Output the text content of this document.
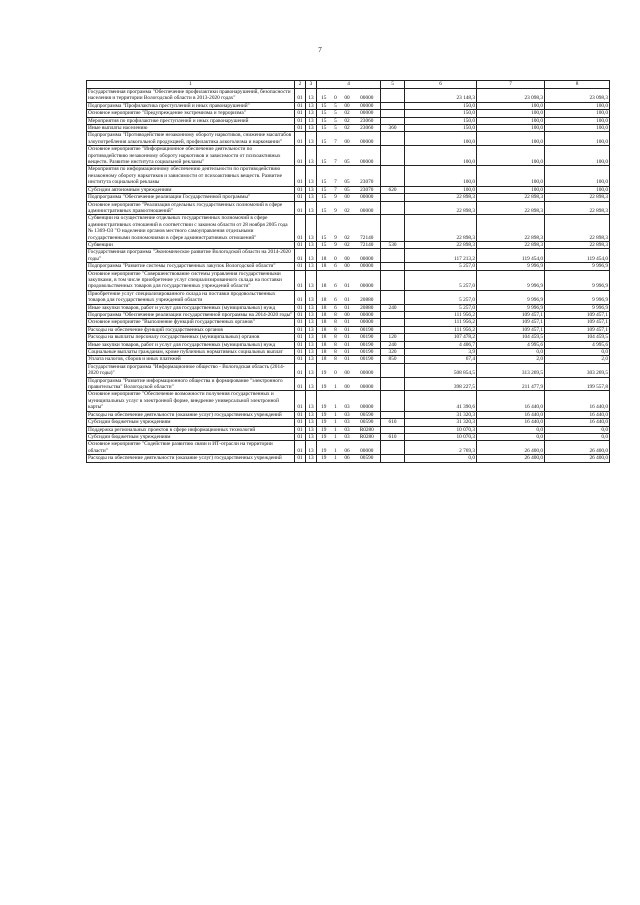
7
1	2	3	4				5	6	7	8
Государственная программа "Обеспечение профилактики правонарушений, безопасности населения и территории Вологодской области в 2013-2020 годах"	01	13	15	0	00	00000		23 148,3	23 098,3	23 098,3
Подпрограмма "Профилактика преступлений и иных правонарушений"	01	13	15	5	00	00000		150,0	100,0	100,0
Основное мероприятие "Предупреждение экстремизма и терроризма"	01	13	15	5	02	00000		150,0	100,0	100,0
Мероприятия по профилактике преступлений и иных правонарушений	01	13	15	5	02	23060		150,0	100,0	100,0
Иные выплаты населению	01	13	15	5	02	23060	360	150,0	100,0	100,0
Подпрограмма "Противодействие незаконному обороту наркотиков, снижение масштабов злоупотребления алкогольной продукцией, профилактика алкоголизма и наркомании"	01	13	15	7	00	00000		100,0	100,0	100,0
Основное мероприятие "Информационное обеспечение деятельности по противодействию незаконному обороту наркотиков и зависимости от психоактивных веществ. Развитие института социальной рекламы"	01	13	15	7	05	00000		100,0	100,0	100,0
Мероприятия по информационному обеспечению деятельности по противодействию незаконному обороту наркотиков и зависимости от психоактивных веществ. Развитие института социальной рекламы	01	13	15	7	05	23070		100,0	100,0	100,0
Субсидии автономным учреждениям	01	13	15	7	05	23070	620	100,0	100,0	100,0
Подпрограмма "Обеспечение реализации Государственной программы"	01	13	15	9	00	00000		22 898,3	22 898,3	22 898,3
Основное мероприятие "Реализация отдельных государственных полномочий в сфере административных правоотношений"	01	13	15	9	02	00000		22 898,3	22 898,3	22 898,3
Субвенции на осуществление отдельных государственных полномочий в сфере административных отношений в соответствии с законом области от 28 ноября 2005 года № 1369-ОЗ "О наделении органов местного самоуправления отдельными государственными полномочиями в сфере административных отношений"	01	13	15	9	02	72140		22 898,3	22 898,3	22 898,3
Субвенции	01	13	15	9	02	72140	530	22 898,3	22 898,3	22 898,3
Государственная программа "Экономическое развитие Вологодской области на 2014-2020 годы"	01	13	18	0	00	00000		117 213,2	119 454,0	119 454,0
Подпрограмма "Развитие системы государственных закупок Вологодской области"	01	13	18	6	00	00000		5 257,0	9 996,9	9 996,9
Основное мероприятие "Совершенствование системы управления государственными закупками, в том числе приобретение услуг специализированного склада на поставки продовольственных товаров для государственных учреждений области"	01	13	18	6	01	00000		5 257,0	9 996,9	9 996,9
Приобретение услуг специализированного склада на поставки продовольственных товаров для государственных учреждений области	01	13	18	6	01	20880		5 257,0	9 996,9	9 996,9
Иные закупки товаров, работ и услуг для государственных (муниципальных) нужд	01	13	18	6	01	20880	240	5 257,0	9 996,9	9 996,9
Подпрограмма "Обеспечение реализации государственной программы на 2014-2020 годы"	01	13	18	8	00	00000		111 956,2	109 457,1	109 457,1
Основное мероприятие "Выполнение функций государственных органов"	01	13	18	8	01	00000		111 956,2	109 457,1	109 457,1
Расходы на обеспечение функций государственных органов	01	13	18	8	01	00190		111 956,2	109 457,1	109 457,1
Расходы на выплаты персоналу государственных (муниципальных) органов	01	13	18	8	01	00190	120	107 478,2	104 459,5	104 459,5
Иные закупки товаров, работ и услуг для государственных (муниципальных) нужд	01	13	18	8	01	00190	240	4 406,7	4 995,6	4 995,6
Социальные выплаты гражданам, кроме публичных нормативных социальных выплат	01	13	18	8	01	00190	320	3,9	0,0	0,0
Уплата налогов, сборов и иных платежей	01	13	18	8	01	00190	850	67,4	2,0	2,0
Государственная программа "Информационное общество - Вологодская область (2014-2020 годы)"	01	13	19	0	00	00000		508 854,5	313 269,5	303 269,5
Подпрограмма "Развитие информационного общества и формирование "электронного правительства" Вологодской области"	01	13	19	1	00	00000		398 227,5	211 477,9	199 557,8
Основное мероприятие "Обеспечение возможности получения государственных и муниципальных услуг в электронной форме, внедрение универсальной электронной карты"	01	13	19	1	03	00000		41 390,6	16 440,0	16 440,0
Расходы на обеспечение деятельности (оказание услуг) государственных учреждений	01	13	19	1	03	00590		31 320,3	16 440,0	16 440,0
Субсидии бюджетным учреждениям	01	13	19	1	03	00590	610	31 320,3	16 440,0	16 440,0
Поддержка региональных проектов в сфере информационных технологий	01	13	19	1	03	R0280		10 070,3	0,0	0,0
Субсидии бюджетным учреждениям	01	13	19	1	03	R0280	610	10 070,3	0,0	0,0
Основное мероприятие "Содействие развитию связи и ИТ-отрасли на территории области"	01	13	19	1	06	00000		2 769,3	26 400,0	26 400,0
Расходы на обеспечение деятельности (оказание услуг) государственных учреждений	01	13	19	1	06	00590		0,0	26 400,0	26 400,0
